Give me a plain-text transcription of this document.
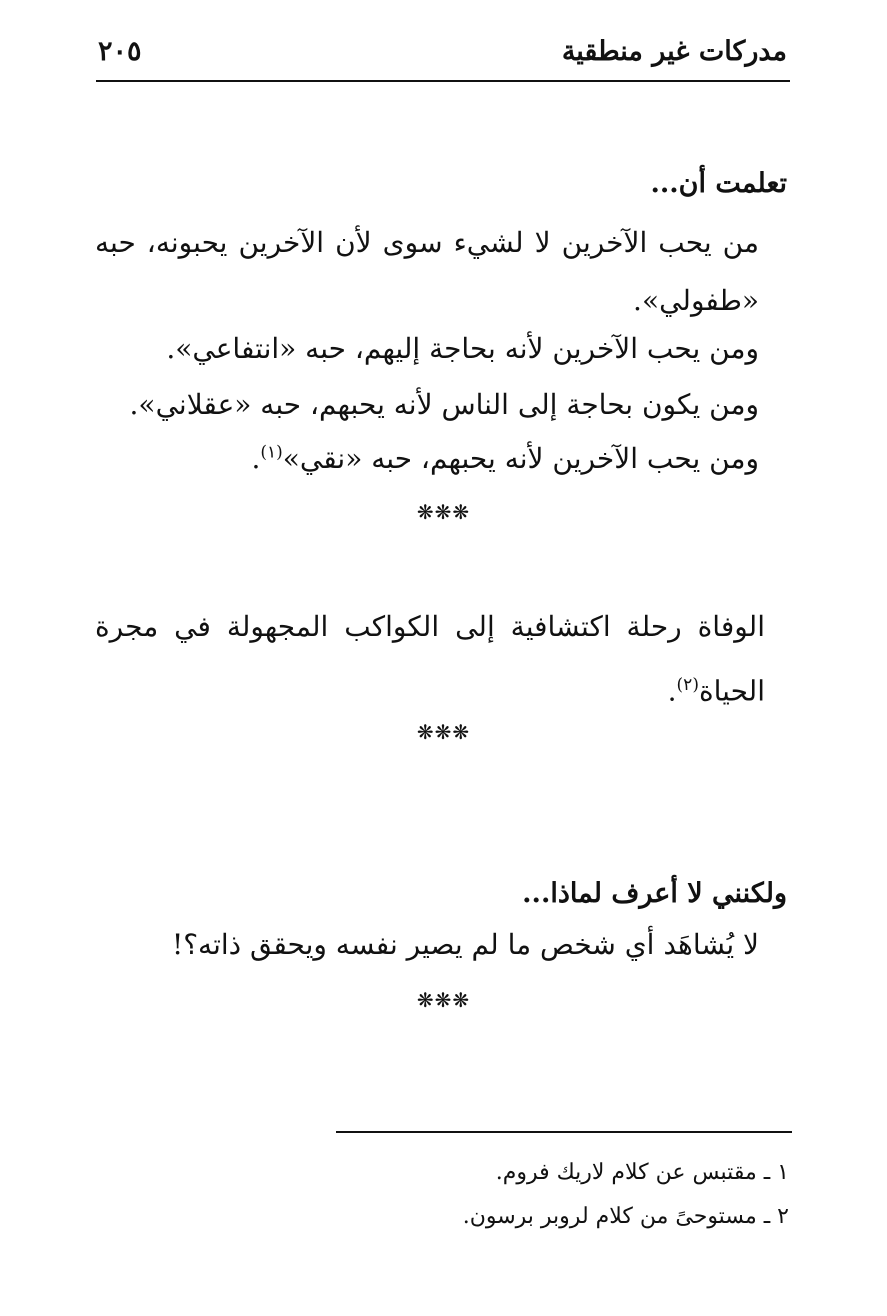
مدركات غير منطقية
٢٠٥
تعلمت أن...
من يحب الآخرين لا لشيء سوى لأن الآخرين يحبونه، حبه «طفولي».
ومن يحب الآخرين لأنه بحاجة إليهم، حبه «انتفاعي».
ومن يكون بحاجة إلى الناس لأنه يحبهم، حبه «عقلاني».
ومن يحب الآخرين لأنه يحبهم، حبه «نقي»$^{(١)}$.
❋❋❋
الوفاة رحلة اكتشافية إلى الكواكب المجهولة في مجرة الحياة$^{(٢)}$.
❋❋❋
ولكنني لا أعرف لماذا...
لا يُشاهَد أي شخص ما لم يصير نفسه ويحقق ذاته؟!
❋❋❋
١ ـ مقتبس عن كلام لاريك فروم.
٢ ـ مستوحىً من كلام لروبر برسون.
